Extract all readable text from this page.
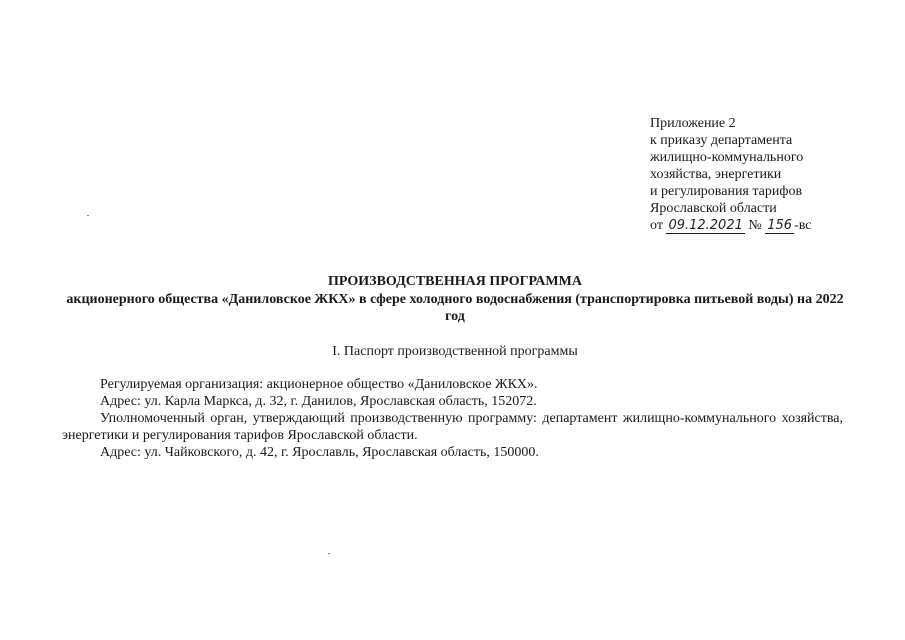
Приложение 2
к приказу департамента
жилищно-коммунального
хозяйства, энергетики
и регулирования тарифов
Ярославской области
от 09.12.2021 № 156 -вс
ПРОИЗВОДСТВЕННАЯ ПРОГРАММА
акционерного общества «Даниловское ЖКХ» в сфере холодного водоснабжения (транспортировка питьевой воды) на 2022 год
I. Паспорт производственной программы

Регулируемая организация: акционерное общество «Даниловское ЖКХ».

Адрес: ул. Карла Маркса, д. 32, г. Данилов, Ярославская область, 152072.

Уполномоченный орган, утверждающий производственную программу: департамент жилищно-коммунального хозяйства, энергетики и регулирования тарифов Ярославской области.

Адрес: ул. Чайковского, д. 42, г. Ярославль, Ярославская область, 150000.
